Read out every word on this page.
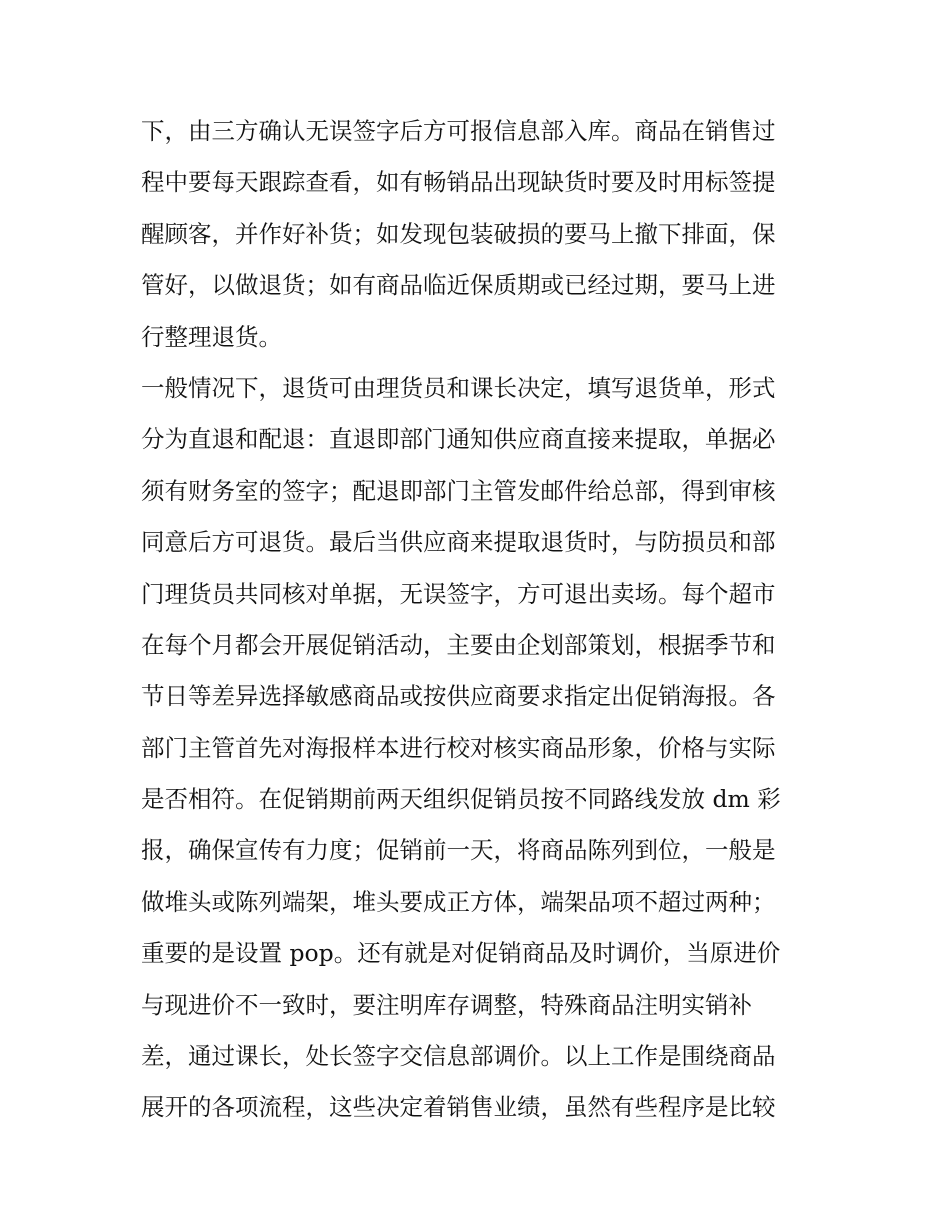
下，由三方确认无误签字后方可报信息部入库。商品在销售过
程中要每天跟踪查看，如有畅销品出现缺货时要及时用标签提
醒顾客，并作好补货；如发现包装破损的要马上撤下排面，保
管好，以做退货；如有商品临近保质期或已经过期，要马上进
行整理退货。
一般情况下，退货可由理货员和课长决定，填写退货单，形式
分为直退和配退：直退即部门通知供应商直接来提取，单据必
须有财务室的签字；配退即部门主管发邮件给总部，得到审核
同意后方可退货。最后当供应商来提取退货时，与防损员和部
门理货员共同核对单据，无误签字，方可退出卖场。每个超市
在每个月都会开展促销活动，主要由企划部策划，根据季节和
节日等差异选择敏感商品或按供应商要求指定出促销海报。各
部门主管首先对海报样本进行校对核实商品形象，价格与实际
是否相符。在促销期前两天组织促销员按不同路线发放 dm 彩
报，确保宣传有力度；促销前一天，将商品陈列到位，一般是
做堆头或陈列端架，堆头要成正方体，端架品项不超过两种；
重要的是设置 pop。还有就是对促销商品及时调价，当原进价
与现进价不一致时，要注明库存调整，特殊商品注明实销补
差，通过课长，处长签字交信息部调价。以上工作是围绕商品
展开的各项流程，这些决定着销售业绩，虽然有些程序是比较
